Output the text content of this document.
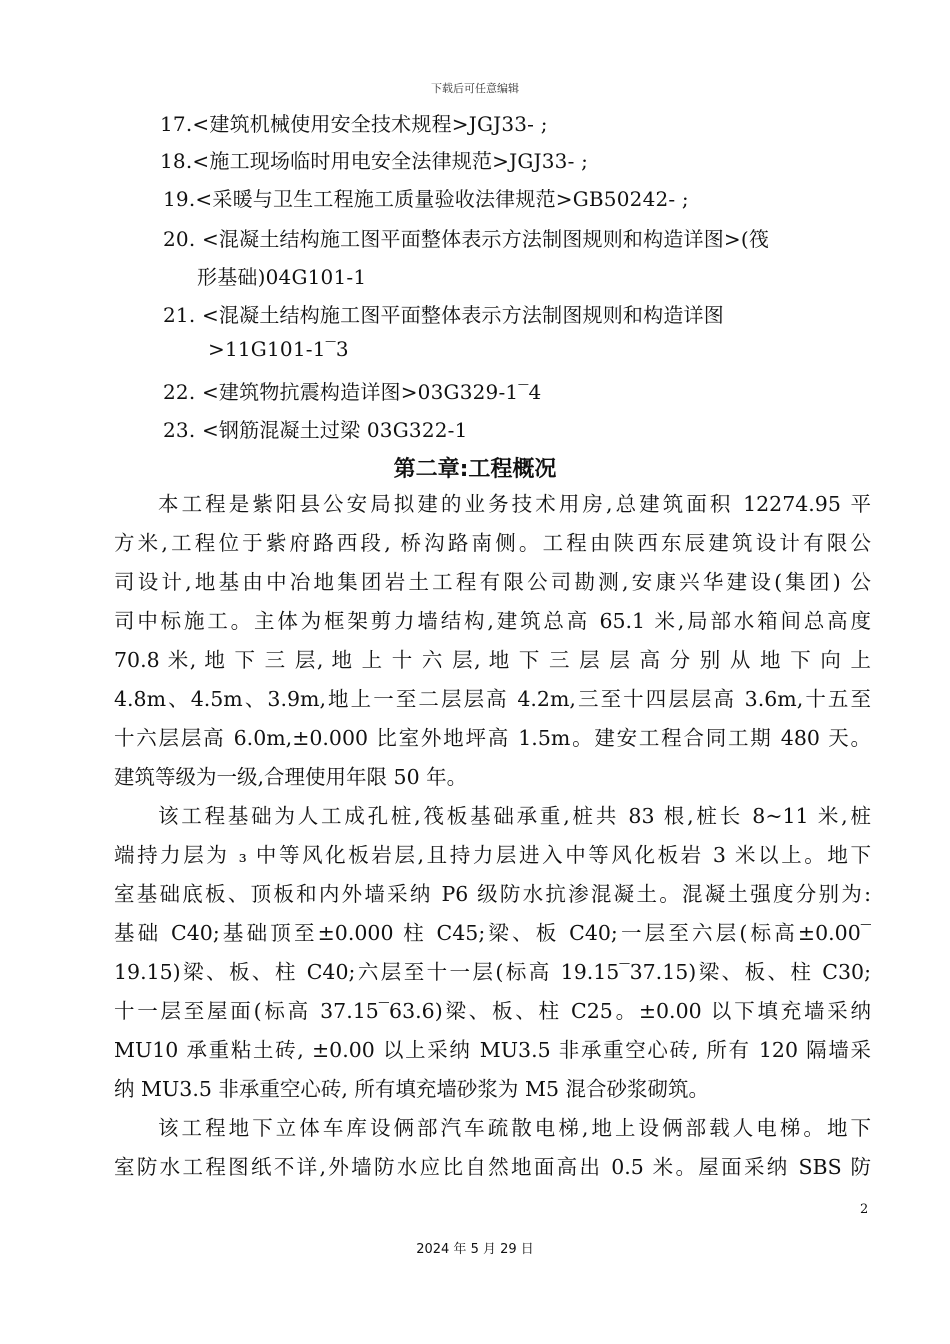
下载后可任意编辑
17.<建筑机械使用安全技术规程>JGJ33- ;
18.<施工现场临时用电安全法律规范>JGJ33- ;
19.<采暖与卫生工程施工质量验收法律规范>GB50242- ;
20. <混凝土结构施工图平面整体表示方法制图规则和构造详图>(筏
形基础)04G101-1
21. <混凝土结构施工图平面整体表示方法制图规则和构造详图
>11G101-1‾3
22. <建筑物抗震构造详图>03G329-1‾4
23. <钢筋混凝土过梁 03G322-1
第二章:工程概况
本工程是紫阳县公安局拟建的业务技术用房,总建筑面积 12274.95 平
方米,工程位于紫府路西段, 桥沟路南侧。工程由陕西东辰建筑设计有限公
司设计,地基由中冶地集团岩土工程有限公司勘测,安康兴华建设(集团) 公
司中标施工。主体为框架剪力墙结构,建筑总高 65.1 米,局部水箱间总高度
70.8 米, 地 下 三 层, 地 上 十 六 层, 地 下 三 层 层 高 分 别 从 地 下 向 上
4.8m、4.5m、3.9m,地上一至二层层高 4.2m,三至十四层层高 3.6m,十五至
十六层层高 6.0m,±0.000 比室外地坪高 1.5m。建安工程合同工期 480 天。
建筑等级为一级,合理使用年限 50 年。
该工程基础为人工成孔桩,筏板基础承重,桩共 83 根,桩长 8~11 米,桩
端持力层为 ₃ 中等风化板岩层,且持力层进入中等风化板岩 3 米以上。地下
室基础底板、顶板和内外墙采纳 P6 级防水抗渗混凝土。混凝土强度分别为:
基础 C40;基础顶至±0.000 柱 C45;梁、板 C40;一层至六层(标高±0.00‾
19.15)梁、板、柱 C40;六层至十一层(标高 19.15‾37.15)梁、板、柱 C30;
十一层至屋面(标高 37.15‾63.6)梁、板、柱 C25。±0.00 以下填充墙采纳
MU10 承重粘土砖, ±0.00 以上采纳 MU3.5 非承重空心砖, 所有 120 隔墙采
纳 MU3.5 非承重空心砖, 所有填充墙砂浆为 M5 混合砂浆砌筑。
该工程地下立体车库设俩部汽车疏散电梯,地上设俩部载人电梯。地下
室防水工程图纸不详,外墙防水应比自然地面高出 0.5 米。屋面采纳 SBS 防
2
2024 年 5 月 29 日
